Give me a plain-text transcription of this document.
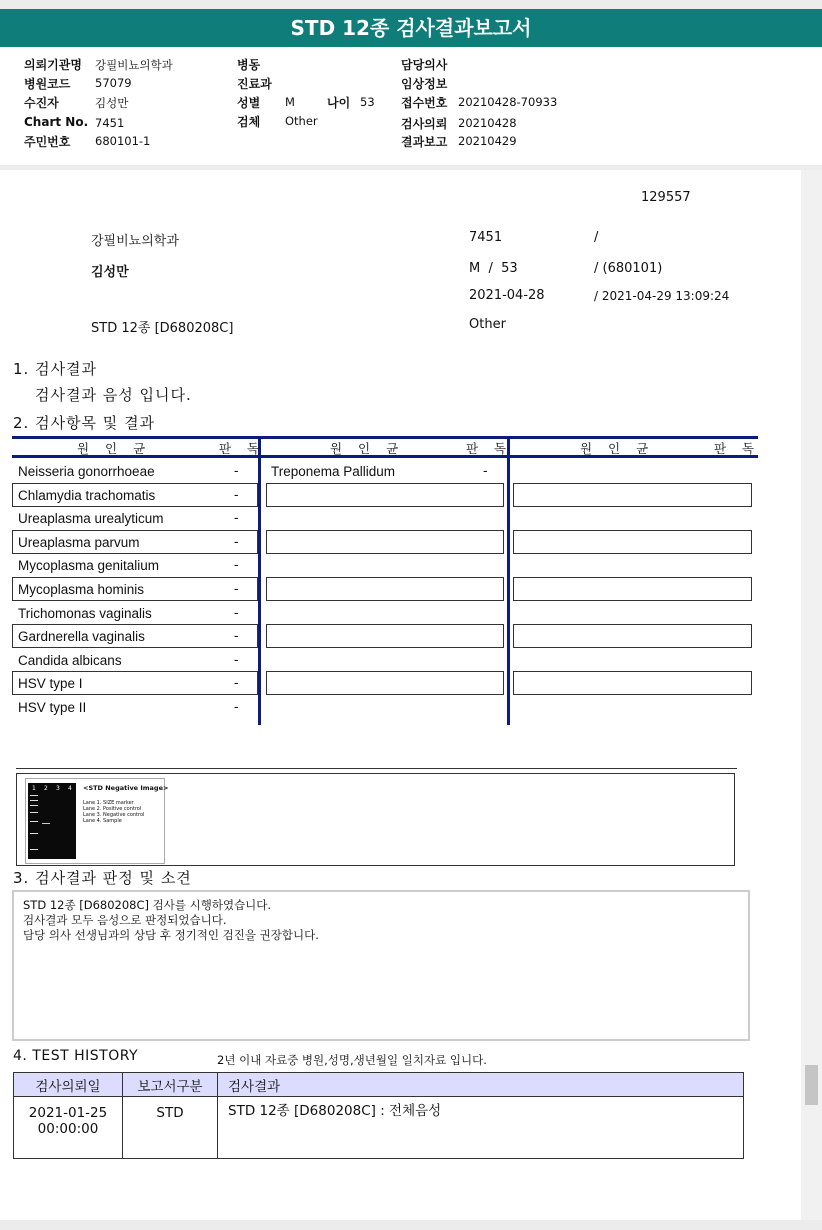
STD 12종 검사결과보고서
의뢰기관명 강필비뇨의학과
병원코드 57079
수진자	김성만
Chart No. 7451
주민번호 680101-1
병동
진료과
성별 M	나이 53
검체 Other
담당의사
임상정보
접수번호 20210428-70933
검사의뢰 20210428
결과보고 20210429
129557
강필비뇨의학과	7451	/
김성만	M  /  53	/ (680101)
2021-04-28	/ 2021-04-29 13:09:24
STD 12종 [D680208C]	Other
1. 검사결과
검사결과 음성 입니다.
2. 검사항목 및 결과
원 인 균	판 독	원 인 균	판 독	원 인 균	판 독
Neisseria gonorrhoeae	-
Chlamydia trachomatis	-
Ureaplasma urealyticum	-
Ureaplasma parvum	-
Mycoplasma genitalium	-
Mycoplasma hominis	-
Trichomonas vaginalis	-
Gardnerella vaginalis	-
Candida albicans	-
HSV type I	-
HSV type II	-
Treponema Pallidum	-
1 2 3 4 <STD Negative Image>
Lane 1. SIZE marker
Lane 2. Positive control
Lane 3. Negative control
Lane 4. Sample
3. 검사결과 판정 및 소견
STD 12종 [D680208C] 검사를 시행하였습니다.
검사결과 모두 음성으로 판정되었습니다.
담당 의사 선생님과의 상담 후 정기적인 검진을 권장합니다.
4. TEST HISTORY	2년 이내 자료중 병원,성명,생년월일 일치자료 입니다.
검사의뢰일	보고서구분	검사결과

2021-01-25
00:00:00	STD	STD 12종 [D680208C] : 전체음성
